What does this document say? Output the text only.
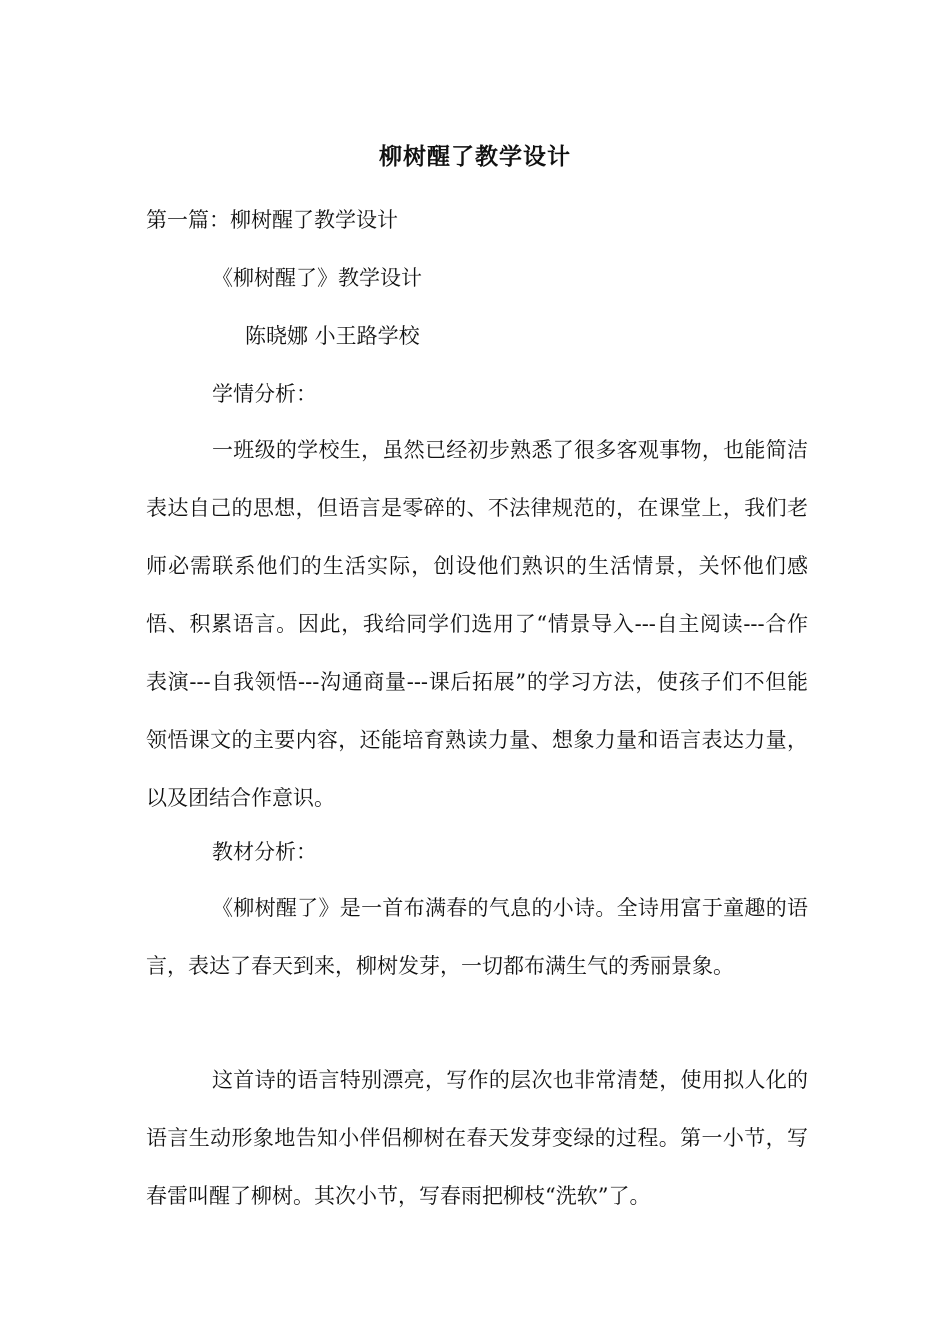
柳树醒了教学设计

第一篇：柳树醒了教学设计

《柳树醒了》教学设计

陈晓娜 小王路学校

学情分析：

一班级的学校生，虽然已经初步熟悉了很多客观事物，也能简洁表达自己的思想，但语言是零碎的、不法律规范的，在课堂上，我们老师必需联系他们的生活实际，创设他们熟识的生活情景，关怀他们感悟、积累语言。因此，我给同学们选用了“情景导入---自主阅读---合作表演---自我领悟---沟通商量---课后拓展”的学习方法，使孩子们不但能领悟课文的主要内容，还能培育熟读力量、想象力量和语言表达力量，以及团结合作意识。

教材分析：

《柳树醒了》是一首布满春的气息的小诗。全诗用富于童趣的语言，表达了春天到来，柳树发芽，一切都布满生气的秀丽景象。

这首诗的语言特别漂亮，写作的层次也非常清楚，使用拟人化的语言生动形象地告知小伴侣柳树在春天发芽变绿的过程。第一小节，写春雷叫醒了柳树。其次小节，写春雨把柳枝“洗软”了。
